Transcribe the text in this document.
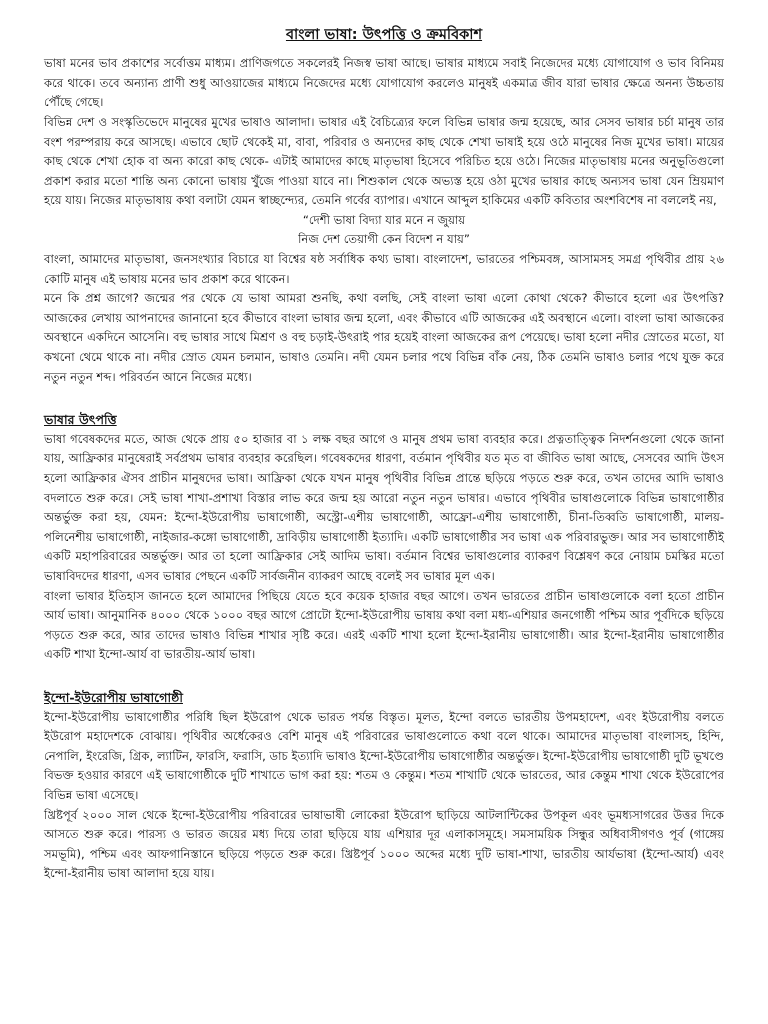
বাংলা ভাষা: উৎপত্তি ও ক্রমবিকাশ

ভাষা মনের ভাব প্রকাশের সর্বোত্তম মাধ্যম। প্রাণিজগতে সকলেরই নিজস্ব ভাষা আছে। ভাষার মাধ্যমে সবাই নিজেদের মধ্যে যোগাযোগ ও ভাব বিনিময় করে থাকে। তবে অন্যান্য প্রাণী শুধু আওয়াজের মাধ্যমে নিজেদের মধ্যে যোগাযোগ করলেও মানুষই একমাত্র জীব যারা ভাষার ক্ষেত্রে অনন্য উচ্চতায় পৌঁছে গেছে।

বিভিন্ন দেশ ও সংস্কৃতিভেদে মানুষের মুখের ভাষাও আলাদা। ভাষার এই বৈচিত্র্যের ফলে বিভিন্ন ভাষার জন্ম হয়েছে, আর সেসব ভাষার চর্চা মানুষ তার বংশ পরম্পরায় করে আসছে। এভাবে ছোট থেকেই মা, বাবা, পরিবার ও অন্যদের কাছ থেকে শেখা ভাষাই হয়ে ওঠে মানুষের নিজ মুখের ভাষা। মায়ের কাছ থেকে শেখা হোক বা অন্য কারো কাছ থেকে- এটাই আমাদের কাছে মাতৃভাষা হিসেবে পরিচিত হয়ে ওঠে। নিজের মাতৃভাষায় মনের অনুভূতিগুলো প্রকাশ করার মতো শান্তি অন্য কোনো ভাষায় খুঁজে পাওয়া যাবে না। শিশুকাল থেকে অভ্যস্ত হয়ে ওঠা মুখের ভাষার কাছে অন্যসব ভাষা যেন ম্রিয়মাণ হয়ে যায়। নিজের মাতৃভাষায় কথা বলাটা যেমন স্বাচ্ছন্দ্যের, তেমনি গর্বের ব্যাপার। এখানে আব্দুল হাকিমের একটি কবিতার অংশবিশেষ না বললেই নয়,

“দেশী ভাষা বিদ্যা যার মনে ন জুয়ায়

নিজ দেশ তেয়াগী কেন বিদেশ ন যায়”

বাংলা, আমাদের মাতৃভাষা, জনসংখ্যার বিচারে যা বিশ্বের ষষ্ঠ সর্বাধিক কথ্য ভাষা। বাংলাদেশ, ভারতের পশ্চিমবঙ্গ, আসামসহ সমগ্র পৃথিবীর প্রায় ২৬ কোটি মানুষ এই ভাষায় মনের ভাব প্রকাশ করে থাকেন।

মনে কি প্রশ্ন জাগে? জন্মের পর থেকে যে ভাষা আমরা শুনছি, কথা বলছি, সেই বাংলা ভাষা এলো কোথা থেকে? কীভাবে হলো এর উৎপত্তি? আজকের লেখায় আপনাদের জানানো হবে কীভাবে বাংলা ভাষার জন্ম হলো, এবং কীভাবে এটি আজকের এই অবস্থানে এলো। বাংলা ভাষা আজকের অবস্থানে একদিনে আসেনি। বহু ভাষার সাথে মিশ্রণ ও বহু চড়াই-উৎরাই পার হয়েই বাংলা আজকের রূপ পেয়েছে। ভাষা হলো নদীর স্রোতের মতো, যা কখনো থেমে থাকে না। নদীর স্রোত যেমন চলমান, ভাষাও তেমনি। নদী যেমন চলার পথে বিভিন্ন বাঁক নেয়, ঠিক তেমনি ভাষাও চলার পথে যুক্ত করে নতুন নতুন শব্দ। পরিবর্তন আনে নিজের মধ্যে।

ভাষার উৎপত্তি

ভাষা গবেষকদের মতে, আজ থেকে প্রায় ৫০ হাজার বা ১ লক্ষ বছর আগে ও মানুষ প্রথম ভাষা ব্যবহার করে। প্রত্নতাত্ত্বিক নিদর্শনগুলো থেকে জানা যায়, আফ্রিকার মানুষেরাই সর্বপ্রথম ভাষার ব্যবহার করেছিল। গবেষকদের ধারণা, বর্তমান পৃথিবীর যত মৃত বা জীবিত ভাষা আছে, সেসবের আদি উৎস হলো আফ্রিকার ঐসব প্রাচীন মানুষদের ভাষা। আফ্রিকা থেকে যখন মানুষ পৃথিবীর বিভিন্ন প্রান্তে ছড়িয়ে পড়তে শুরু করে, তখন তাদের আদি ভাষাও বদলাতে শুরু করে। সেই ভাষা শাখা-প্রশাখা বিস্তার লাভ করে জন্ম হয় আরো নতুন নতুন ভাষার। এভাবে পৃথিবীর ভাষাগুলোকে বিভিন্ন ভাষাগোষ্ঠীর অন্তর্ভুক্ত করা হয়, যেমন: ইন্দো-ইউরোপীয় ভাষাগোষ্ঠী, অস্ট্রো-এশীয় ভাষাগোষ্ঠী, আফ্রো-এশীয় ভাষাগোষ্ঠী, চীনা-তিব্বতি ভাষাগোষ্ঠী, মালয়-পলিনেশীয় ভাষাগোষ্ঠী, নাইজার-কঙ্গো ভাষাগোষ্ঠী, দ্রাবিড়ীয় ভাষাগোষ্ঠী ইত্যাদি। একটি ভাষাগোষ্ঠীর সব ভাষা এক পরিবারভুক্ত। আর সব ভাষাগোষ্ঠীই একটি মহাপরিবারের অন্তর্ভুক্ত। আর তা হলো আফ্রিকার সেই আদিম ভাষা। বর্তমান বিশ্বের ভাষাগুলোর ব্যাকরণ বিশ্লেষণ করে নোয়াম চমস্কির মতো ভাষাবিদদের ধারণা, এসব ভাষার পেছনে একটি সার্বজনীন ব্যাকরণ আছে বলেই সব ভাষার মূল এক।

বাংলা ভাষার ইতিহাস জানতে হলে আমাদের পিছিয়ে যেতে হবে কয়েক হাজার বছর আগে। তখন ভারতের প্রাচীন ভাষাগুলোকে বলা হতো প্রাচীন আর্য ভাষা। আনুমানিক ৪০০০ থেকে ১০০০ বছর আগে প্রোটো ইন্দো-ইউরোপীয় ভাষায় কথা বলা মধ্য-এশিয়ার জনগোষ্ঠী পশ্চিম আর পূর্বদিকে ছড়িয়ে পড়তে শুরু করে, আর তাদের ভাষাও বিভিন্ন শাখার সৃষ্টি করে। এরই একটি শাখা হলো ইন্দো-ইরানীয় ভাষাগোষ্ঠী। আর ইন্দো-ইরানীয় ভাষাগোষ্ঠীর একটি শাখা ইন্দো-আর্য বা ভারতীয়-আর্য ভাষা।

ইন্দো-ইউরোপীয় ভাষাগোষ্ঠী

ইন্দো-ইউরোপীয় ভাষাগোষ্ঠীর পরিধি ছিল ইউরোপ থেকে ভারত পর্যন্ত বিস্তৃত। মূলত, ইন্দো বলতে ভারতীয় উপমহাদেশ, এবং ইউরোপীয় বলতে ইউরোপ মহাদেশকে বোঝায়। পৃথিবীর অর্ধেকেরও বেশি মানুষ এই পরিবারের ভাষাগুলোতে কথা বলে থাকে। আমাদের মাতৃভাষা বাংলাসহ, হিন্দি, নেপালি, ইংরেজি, গ্রিক, ল্যাটিন, ফারসি, ফরাসি, ডাচ ইত্যাদি ভাষাও ইন্দো-ইউরোপীয় ভাষাগোষ্ঠীর অন্তর্ভুক্ত। ইন্দো-ইউরোপীয় ভাষাগোষ্ঠী দুটি ভূখণ্ডে বিভক্ত হওয়ার কারণে এই ভাষাগোষ্ঠীকে দুটি শাখাতে ভাগ করা হয়: শতম ও কেন্তুম। শতম শাখাটি থেকে ভারতের, আর কেন্তুম শাখা থেকে ইউরোপের বিভিন্ন ভাষা এসেছে।

খ্রিষ্টপূর্ব ২০০০ সাল থেকে ইন্দো-ইউরোপীয় পরিবারের ভাষাভাষী লোকেরা ইউরোপ ছাড়িয়ে আটলান্টিকের উপকূল এবং ভূমধ্যসাগরের উত্তর দিকে আসতে শুরু করে। পারস্য ও ভারত জয়ের মধ্য দিয়ে তারা ছড়িয়ে যায় এশিয়ার দূর এলাকাসমূহে। সমসাময়িক সিন্ধুর অধিবাসীগণও পূর্ব (গাঙ্গেয় সমভূমি), পশ্চিম এবং আফগানিস্তানে ছড়িয়ে পড়তে শুরু করে। খ্রিষ্টপূর্ব ১০০০ অব্দের মধ্যে দুটি ভাষা-শাখা, ভারতীয় আর্যভাষা (ইন্দো-আর্য) এবং ইন্দো-ইরানীয় ভাষা আলাদা হয়ে যায়।
